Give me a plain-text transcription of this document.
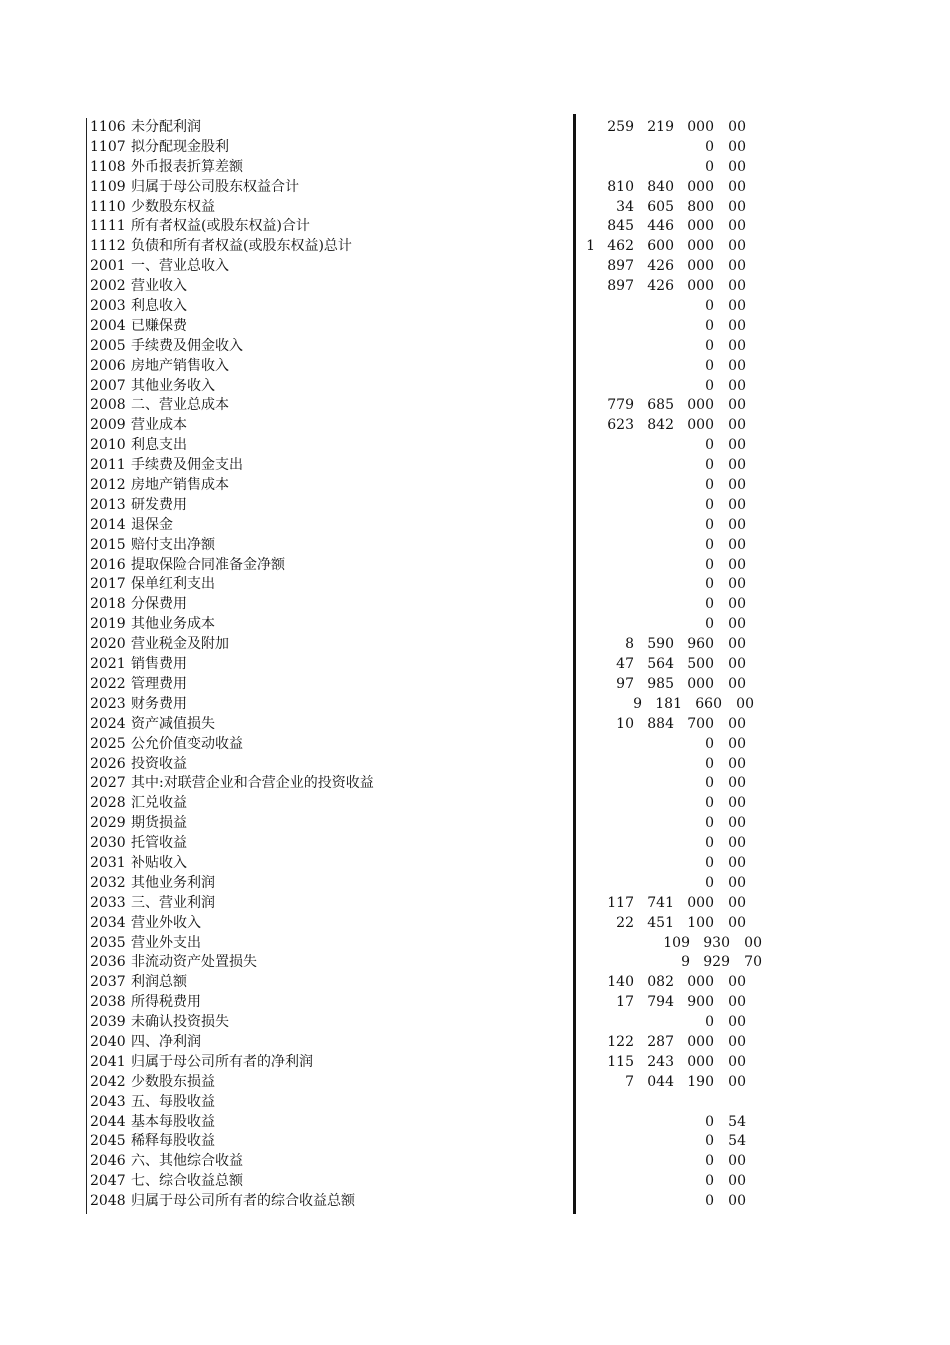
1106 未分配利润	259 219 000	00
1107 拟分配现金股利	0	00
1108 外币报表折算差额	0	00
1109 归属于母公司股东权益合计	810 840 000	00
1110 少数股东权益	34 605 800	00
1111 所有者权益(或股东权益)合计	845 446 000	00
1112 负债和所有者权益(或股东权益)总计	1 462 600 000	00
2001 一、营业总收入	897 426 000	00
2002 营业收入	897 426 000	00
2003 利息收入	0	00
2004 已赚保费	0	00
2005 手续费及佣金收入	0	00
2006 房地产销售收入	0	00
2007 其他业务收入	0	00
2008 二、营业总成本	779 685 000	00
2009 营业成本	623 842 000	00
2010 利息支出	0	00
2011 手续费及佣金支出	0	00
2012 房地产销售成本	0	00
2013 研发费用	0	00
2014 退保金	0	00
2015 赔付支出净额	0	00
2016 提取保险合同准备金净额	0	00
2017 保单红利支出	0	00
2018 分保费用	0	00
2019 其他业务成本	0	00
2020 营业税金及附加	8 590 960	00
2021 销售费用	47 564 500	00
2022 管理费用	97 985 000	00
2023 财务费用	9 181 660	00
2024 资产减值损失	10 884 700	00
2025 公允价值变动收益	0	00
2026 投资收益	0	00
2027 其中:对联营企业和合营企业的投资收益	0	00
2028 汇兑收益	0	00
2029 期货损益	0	00
2030 托管收益	0	00
2031 补贴收入	0	00
2032 其他业务利润	0	00
2033 三、营业利润	117 741 000	00
2034 营业外收入	22 451 100	00
2035 营业外支出	109 930	00
2036 非流动资产处置损失	9 929	70
2037 利润总额	140 082 000	00
2038 所得税费用	17 794 900	00
2039 未确认投资损失	0	00
2040 四、净利润	122 287 000	00
2041 归属于母公司所有者的净利润	115 243 000	00
2042 少数股东损益	7 044 190	00
2043 五、每股收益
2044 基本每股收益	0	54
2045 稀释每股收益	0	54
2046 六、其他综合收益	0	00
2047 七、综合收益总额	0	00
2048 归属于母公司所有者的综合收益总额	0	00
